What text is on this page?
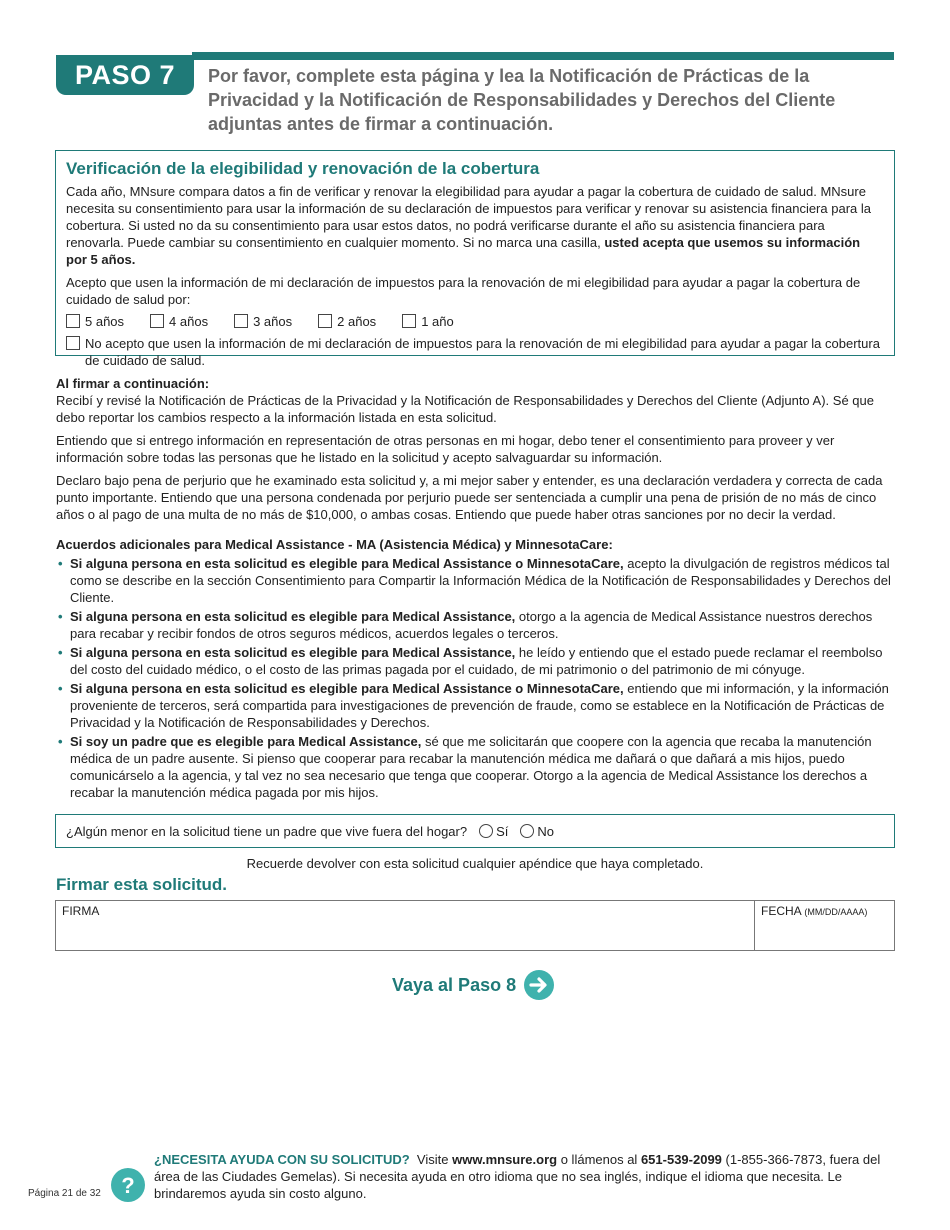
PASO 7	Por favor, complete esta página y lea la Notificación de Prácticas de la Privacidad y la Notificación de Responsabilidades y Derechos del Cliente adjuntas antes de firmar a continuación.
Verificación de la elegibilidad y renovación de la cobertura
Cada año, MNsure compara datos a fin de verificar y renovar la elegibilidad para ayudar a pagar la cobertura de cuidado de salud. MNsure necesita su consentimiento para usar la información de su declaración de impuestos para verificar y renovar su asistencia financiera para la cobertura. Si usted no da su consentimiento para usar estos datos, no podrá verificarse durante el año su asistencia financiera para renovarla. Puede cambiar su consentimiento en cualquier momento. Si no marca una casilla, usted acepta que usemos su información por 5 años.
Acepto que usen la información de mi declaración de impuestos para la renovación de mi elegibilidad para ayudar a pagar la cobertura de cuidado de salud por:
5 años	4 años	3 años	2 años	1 año
No acepto que usen la información de mi declaración de impuestos para la renovación de mi elegibilidad para ayudar a pagar la cobertura de cuidado de salud.
Al firmar a continuación:

Recibí y revisé la Notificación de Prácticas de la Privacidad y la Notificación de Responsabilidades y Derechos del Cliente (Adjunto A). Sé que debo reportar los cambios respecto a la información listada en esta solicitud.

Entiendo que si entrego información en representación de otras personas en mi hogar, debo tener el consentimiento para proveer y ver información sobre todas las personas que he listado en la solicitud y acepto salvaguardar su información.

Declaro bajo pena de perjurio que he examinado esta solicitud y, a mi mejor saber y entender, es una declaración verdadera y correcta de cada punto importante. Entiendo que una persona condenada por perjurio puede ser sentenciada a cumplir una pena de prisión de no más de cinco años o al pago de una multa de no más de $10,000, o ambas cosas. Entiendo que puede haber otras sanciones por no decir la verdad.

Acuerdos adicionales para Medical Assistance - MA (Asistencia Médica) y MinnesotaCare:
• Si alguna persona en esta solicitud es elegible para Medical Assistance o MinnesotaCare, acepto la divulgación de registros médicos tal como se describe en la sección Consentimiento para Compartir la Información Médica de la Notificación de Responsabilidades y Derechos del Cliente.
• Si alguna persona en esta solicitud es elegible para Medical Assistance, otorgo a la agencia de Medical Assistance nuestros derechos para recabar y recibir fondos de otros seguros médicos, acuerdos legales o terceros.
• Si alguna persona en esta solicitud es elegible para Medical Assistance, he leído y entiendo que el estado puede reclamar el reembolso del costo del cuidado médico, o el costo de las primas pagada por el cuidado, de mi patrimonio o del patrimonio de mi cónyuge.
• Si alguna persona en esta solicitud es elegible para Medical Assistance o MinnesotaCare, entiendo que mi información, y la información proveniente de terceros, será compartida para investigaciones de prevención de fraude, como se establece en la Notificación de Prácticas de Privacidad y la Notificación de Responsabilidades y Derechos.
• Si soy un padre que es elegible para Medical Assistance, sé que me solicitarán que coopere con la agencia que recaba la manutención médica de un padre ausente. Si pienso que cooperar para recabar la manutención médica me dañará o que dañará a mis hijos, puedo comunicárselo a la agencia, y tal vez no sea necesario que tenga que cooperar. Otorgo a la agencia de Medical Assistance los derechos a recabar la manutención médica pagada por mis hijos.
¿Algún menor en la solicitud tiene un padre que vive fuera del hogar? Sí No
Recuerde devolver con esta solicitud cualquier apéndice que haya completado.
Firmar esta solicitud.
FIRMA	FECHA (MM/DD/AAAA)
Vaya al Paso 8
Página 21 de 32 ?
¿NECESITA AYUDA CON SU SOLICITUD? Visite www.mnsure.org o llámenos al 651-539-2099 (1-855-366-7873, fuera del área de las Ciudades Gemelas). Si necesita ayuda en otro idioma que no sea inglés, indique el idioma que necesita. Le brindaremos ayuda sin costo alguno.
